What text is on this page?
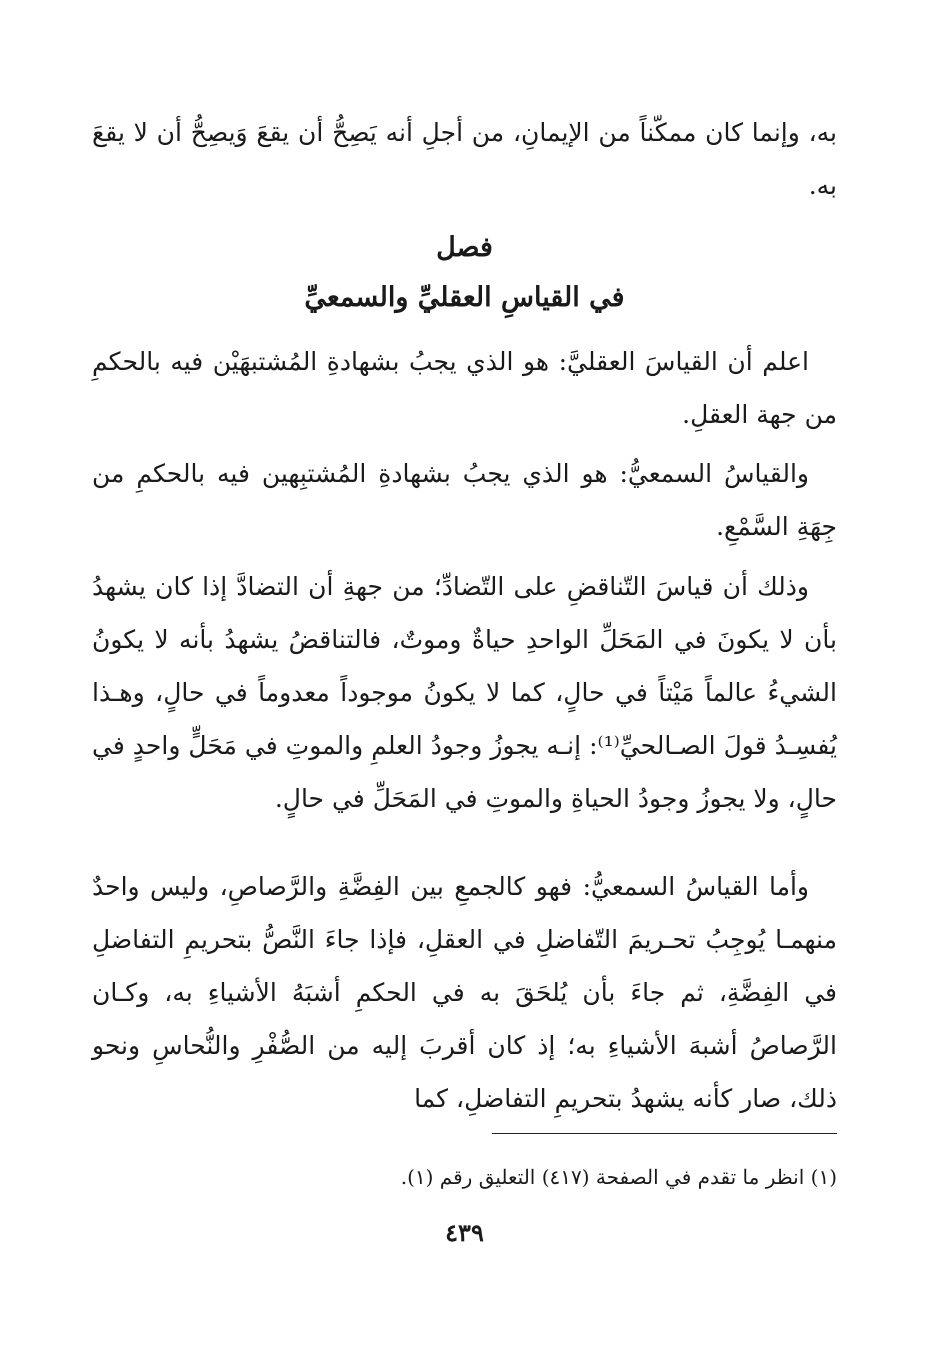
به، وإنما كان ممكّناً من الإيمانِ، من أجلِ أنه يَصِحُّ أن يقعَ وَيصِحُّ أن لا يقعَ به.

فصل
في القياسِ العقليِّ والسمعيِّ

اعلم أن القياسَ العقليَّ: هو الذي يجبُ بشهادةِ المُشتبهَيْن فيه بالحكمِ من جهة العقلِ.

والقياسُ السمعيُّ: هو الذي يجبُ بشهادةِ المُشتبِهين فيه بالحكمِ من جِهَةِ السَّمْعِ.

وذلك أن قياسَ التّناقضِ على التّضادِّ؛ من جهةِ أن التضادَّ إذا كان يشهدُ بأن لا يكونَ في المَحَلِّ الواحدِ حياةٌ وموتٌ، فالتناقضُ يشهدُ بأنه لا يكونُ الشيءُ عالماً مَيْتاً في حالٍ، كما لا يكونُ موجوداً معدوماً في حالٍ، وهـذا يُفسِـدُ قولَ الصـالحيِّ⁽¹⁾: إنـه يجوزُ وجودُ العلمِ والموتِ في مَحَلٍّ واحدٍ في حالٍ، ولا يجوزُ وجودُ الحياةِ والموتِ في المَحَلِّ في حالٍ.

وأما القياسُ السمعيُّ: فهو كالجمعِ بين الفِضَّةِ والرَّصاصِ، وليس واحدٌ منهمـا يُوجِبُ تحـريمَ التّفاضلِ في العقلِ، فإذا جاءَ النَّصُّ بتحريمِ التفاضلِ في الفِضَّةِ، ثم جاءَ بأن يُلحَقَ به في الحكمِ أشبَهُ الأشياءِ به، وكـان الرَّصاصُ أشبهَ الأشياءِ به؛ إذ كان أقربَ إليه من الصُّفْرِ والنُّحاسِ ونحو ذلك، صار كأنه يشهدُ بتحريمِ التفاضلِ، كما

(١) انظر ما تقدم في الصفحة (٤١٧) التعليق رقم (١).

٤٣٩
